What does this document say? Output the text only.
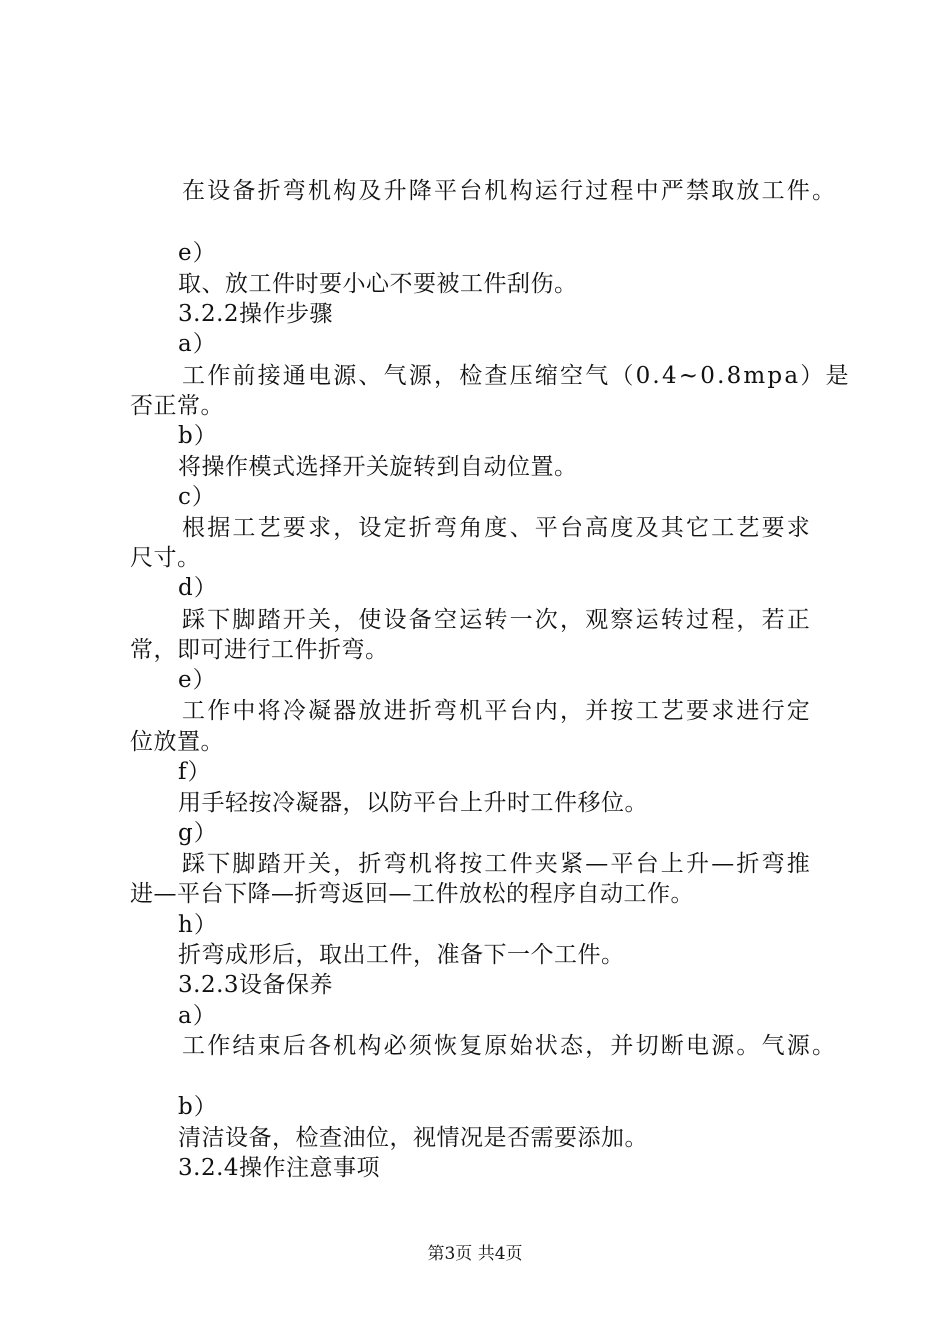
在设备折弯机构及升降平台机构运行过程中严禁取放工件。
e）
取、放工件时要小心不要被工件刮伤。
3.2.2操作步骤
a）
工作前接通电源、气源，检查压缩空气（0.4~0.8mpa）是
否正常。
b）
将操作模式选择开关旋转到自动位置。
c）
根据工艺要求，设定折弯角度、平台高度及其它工艺要求
尺寸。
d）
踩下脚踏开关，使设备空运转一次，观察运转过程，若正
常，即可进行工件折弯。
e）
工作中将冷凝器放进折弯机平台内，并按工艺要求进行定
位放置。
f）
用手轻按冷凝器，以防平台上升时工件移位。
g）
踩下脚踏开关，折弯机将按工件夹紧—平台上升—折弯推
进—平台下降—折弯返回—工件放松的程序自动工作。
h）
折弯成形后，取出工件，准备下一个工件。
3.2.3设备保养
a）
工作结束后各机构必须恢复原始状态，并切断电源。气源。
b）
清洁设备，检查油位，视情况是否需要添加。
3.2.4操作注意事项
第3页 共4页
